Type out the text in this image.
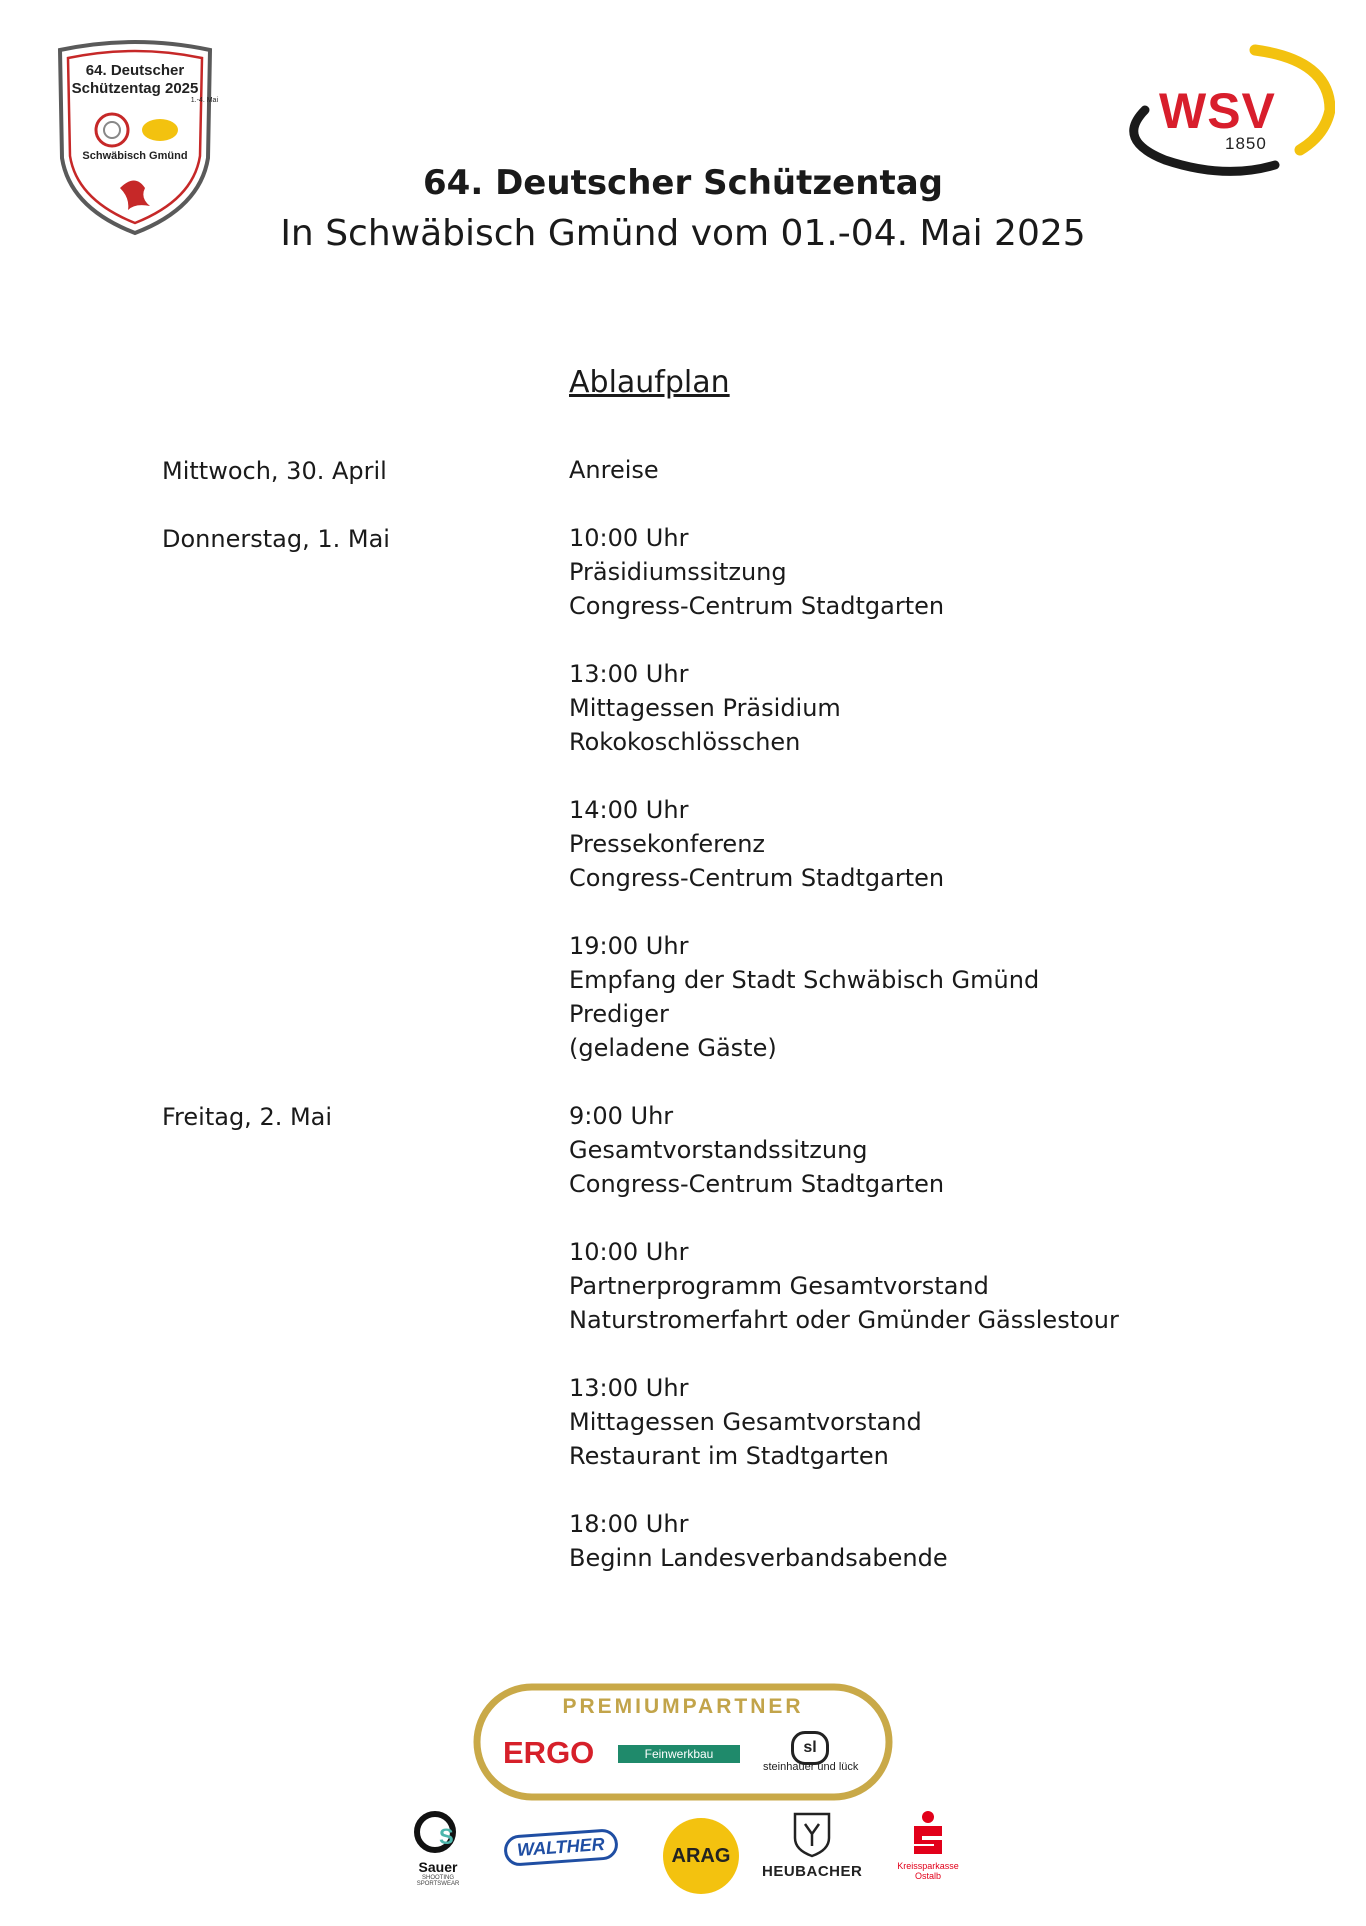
64. Deutscher
Schützentag 2025
1.-4. Mai
Schwäbisch Gmünd
WSV
1850
64. Deutscher Schützentag
In Schwäbisch Gmünd vom 01.-04. Mai 2025
Ablaufplan
Mittwoch, 30. April	Anreise
Donnerstag, 1. Mai	10:00 Uhr
Präsidiumssitzung
Congress-Centrum Stadtgarten
13:00 Uhr
Mittagessen Präsidium
Rokokoschlösschen
14:00 Uhr
Pressekonferenz
Congress-Centrum Stadtgarten
19:00 Uhr
Empfang der Stadt Schwäbisch Gmünd
Prediger
(geladene Gäste)
Freitag, 2. Mai	9:00 Uhr
Gesamtvorstandssitzung
Congress-Centrum Stadtgarten
10:00 Uhr
Partnerprogramm Gesamtvorstand
Naturstromerfahrt oder Gmünder Gässlestour
13:00 Uhr
Mittagessen Gesamtvorstand
Restaurant im Stadtgarten
18:00 Uhr
Beginn Landesverbandsabende
PREMIUMPARTNER
ERGO	Feinwerkbau	sl
steinhauer und lück
S
Sauer
SHOOTING SPORTSWEAR
WALTHER	ARAG
HEUBACHER	Kreissparkasse Ostalb
